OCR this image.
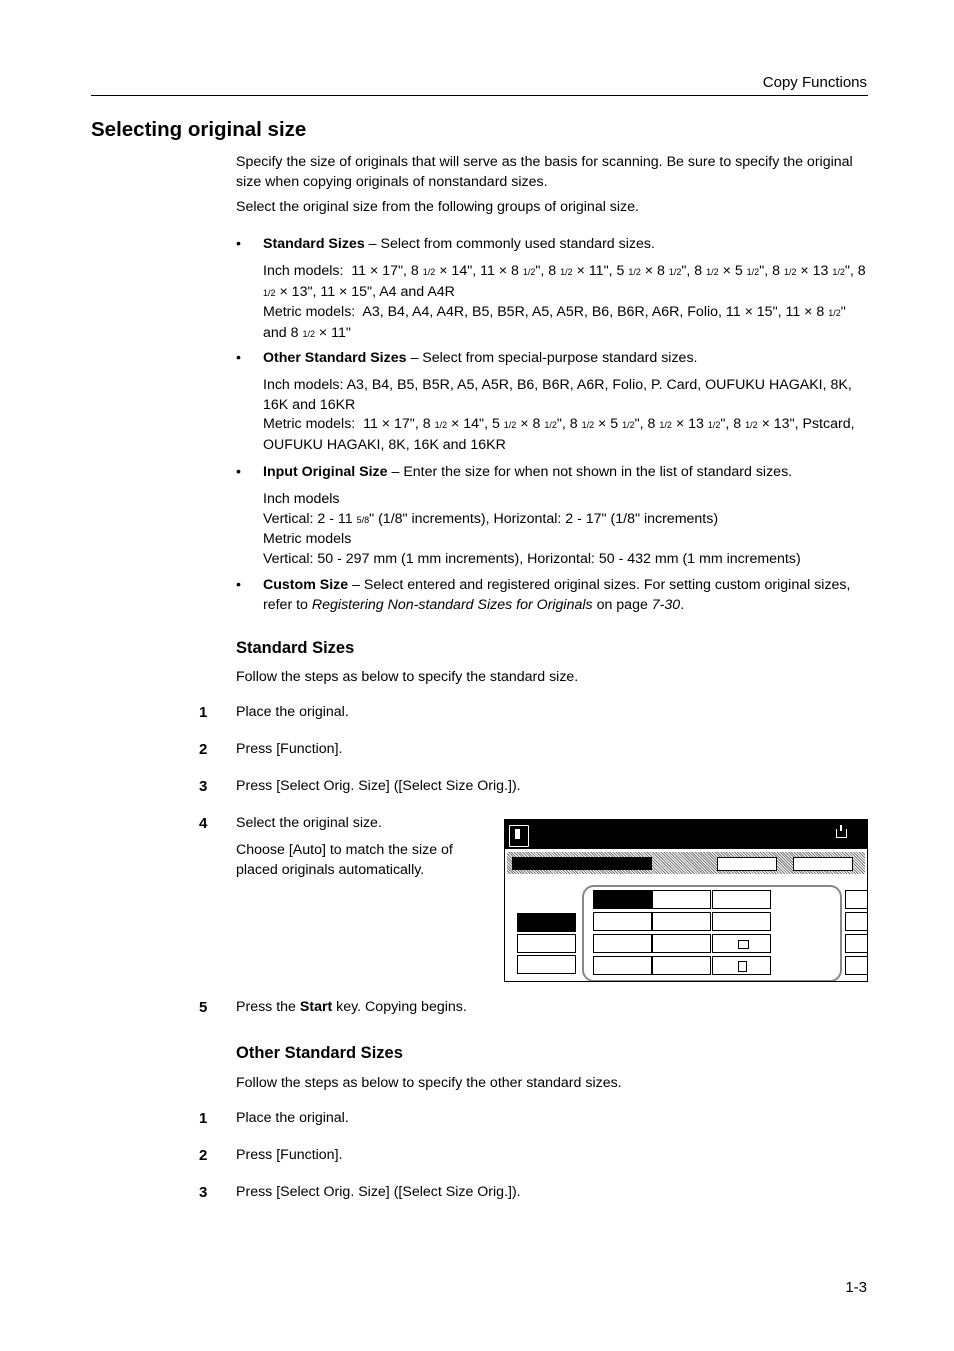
Copy Functions
Selecting original size
Specify the size of originals that will serve as the basis for scanning. Be sure to specify the original size when copying originals of nonstandard sizes.
Select the original size from the following groups of original size.
• Standard Sizes – Select from commonly used standard sizes.
Inch models:  11 × 17", 8 1/2 × 14", 11 × 8 1/2", 8 1/2 × 11", 5 1/2 × 8 1/2", 8 1/2 × 5 1/2", 8 1/2 × 13 1/2", 8 1/2 × 13", 11 × 15", A4 and A4R
Metric models:  A3, B4, A4, A4R, B5, B5R, A5, A5R, B6, B6R, A6R, Folio, 11 × 15", 11 × 8 1/2" and 8 1/2 × 11"
• Other Standard Sizes – Select from special-purpose standard sizes.
Inch models: A3, B4, B5, B5R, A5, A5R, B6, B6R, A6R, Folio, P. Card, OUFUKU HAGAKI, 8K, 16K and 16KR
Metric models:  11 × 17", 8 1/2 × 14", 5 1/2 × 8 1/2", 8 1/2 × 5 1/2", 8 1/2 × 13 1/2", 8 1/2 × 13", Pstcard, OUFUKU HAGAKI, 8K, 16K and 16KR
• Input Original Size – Enter the size for when not shown in the list of standard sizes.
Inch models
Vertical: 2 - 11 5/8" (1/8" increments), Horizontal: 2 - 17" (1/8" increments)
Metric models
Vertical: 50 - 297 mm (1 mm increments), Horizontal: 50 - 432 mm (1 mm increments)
• Custom Size – Select entered and registered original sizes. For setting custom original sizes, refer to Registering Non-standard Sizes for Originals on page 7-30.
Standard Sizes
Follow the steps as below to specify the standard size.
1 Place the original.
2 Press [Function].
3 Press [Select Orig. Size] ([Select Size Orig.]).
4 Select the original size.
Choose [Auto] to match the size of placed originals automatically.
5 Press the Start key. Copying begins.
Other Standard Sizes
Follow the steps as below to specify the other standard sizes.
1 Place the original.
2 Press [Function].
3 Press [Select Orig. Size] ([Select Size Orig.]).
1-3
